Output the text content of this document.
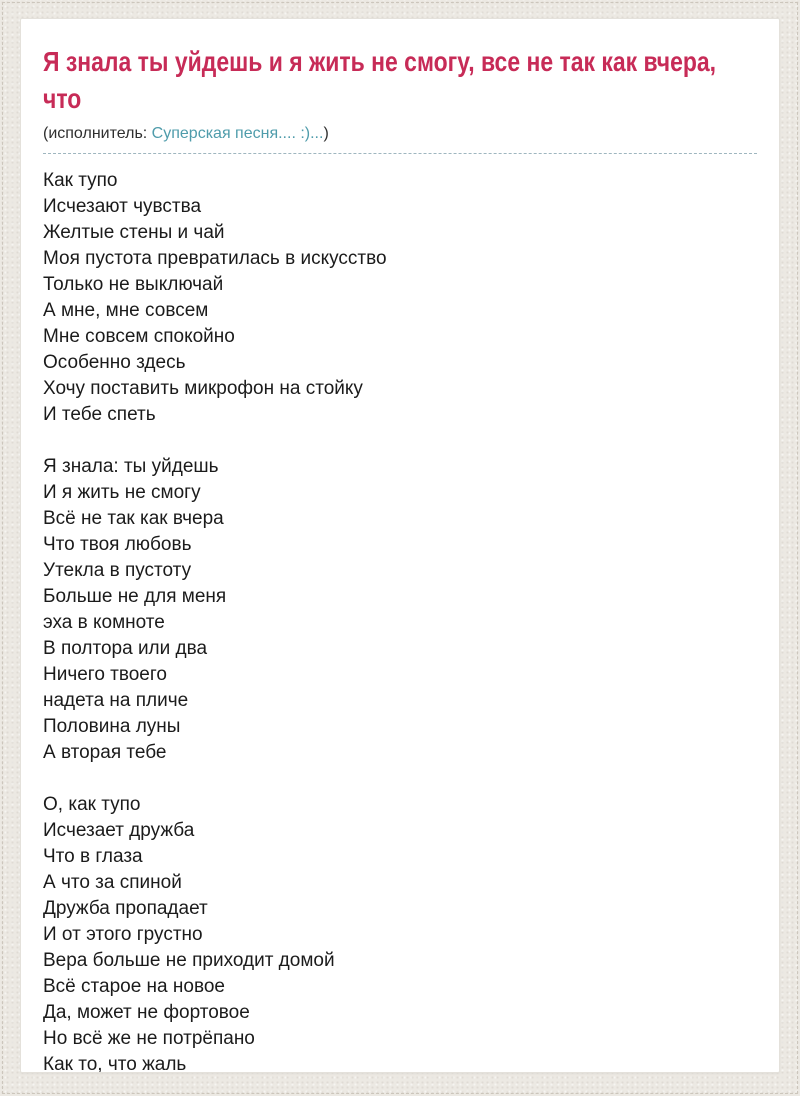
Я знала ты уйдешь и я жить не смогу, все не так как вчера,
что
(исполнитель: Суперская песня.... :)...)
Как тупо
Исчезают чувства
Желтые стены и чай
Моя пустота превратилась в искусство
Только не выключай
А мне, мне совсем
Мне совсем спокойно
Особенно здесь
Хочу поставить микрофон на стойку
И тебе спеть
Я знала: ты уйдешь
И я жить не смогу
Всё не так как вчера
Что твоя любовь
Утекла в пустоту
Больше не для меня
эха в комноте
В полтора или два
Ничего твоего
надета на пличе
Половина луны
А вторая тебе
О, как тупо
Исчезает дружба
Что в глаза
А что за спиной
Дружба пропадает
И от этого грустно
Вера больше не приходит домой
Всё старое на новое
Да, может не фортовое
Но всё же не потрёпано
Как то, что жаль
